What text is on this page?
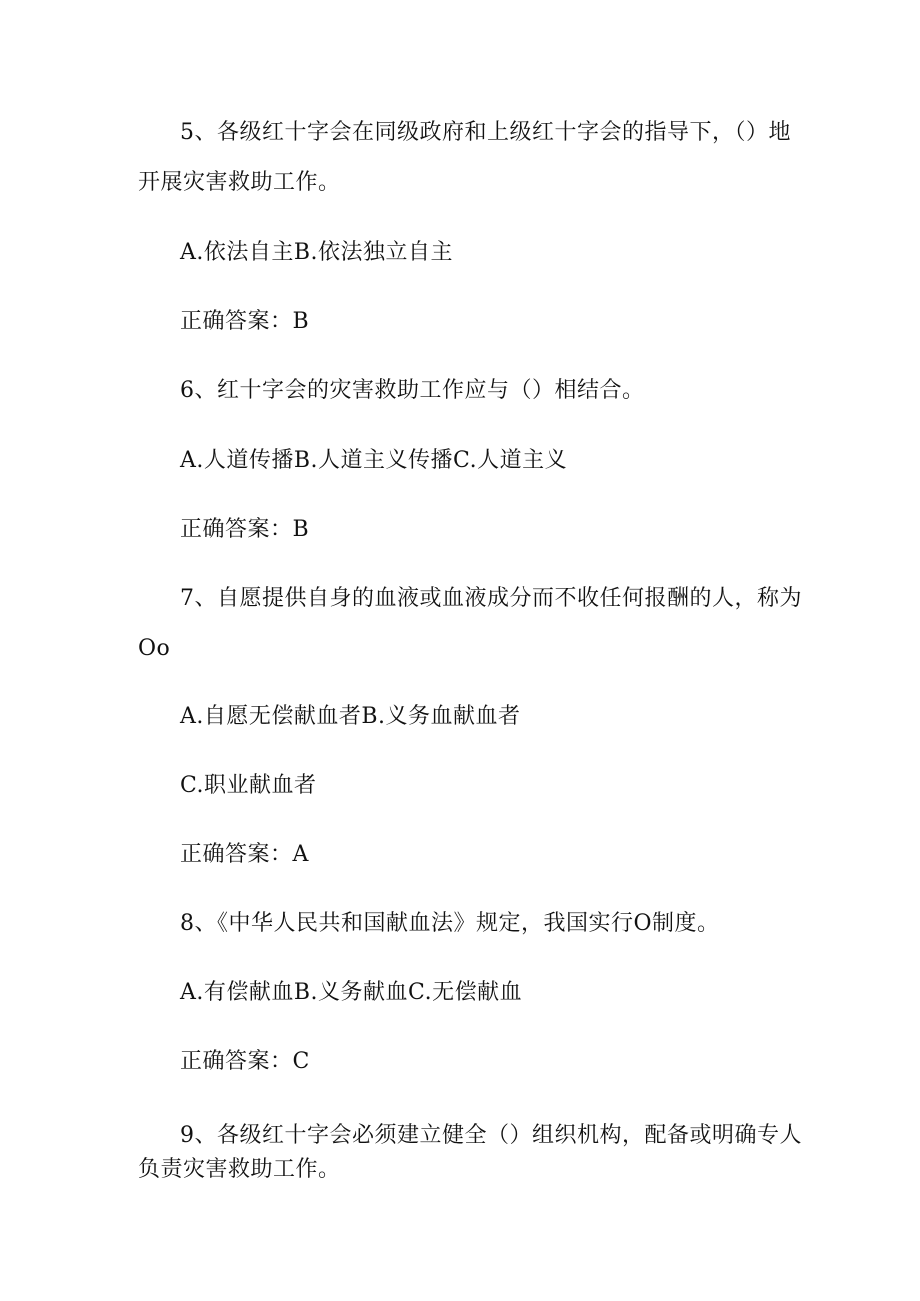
5、各级红十字会在同级政府和上级红十字会的指导下，（）地
开展灾害救助工作。
A.依法自主B.依法独立自主
正确答案：B
6、红十字会的灾害救助工作应与（）相结合。
A.人道传播B.人道主义传播C.人道主义
正确答案：B
7、自愿提供自身的血液或血液成分而不收任何报酬的人，称为
Oo
A.自愿无偿献血者B.义务血献血者
C.职业献血者
正确答案：A
8、《中华人民共和国献血法》规定，我国实行O制度。
A.有偿献血B.义务献血C.无偿献血
正确答案：C
9、各级红十字会必须建立健全（）组织机构，配备或明确专人
负责灾害救助工作。
